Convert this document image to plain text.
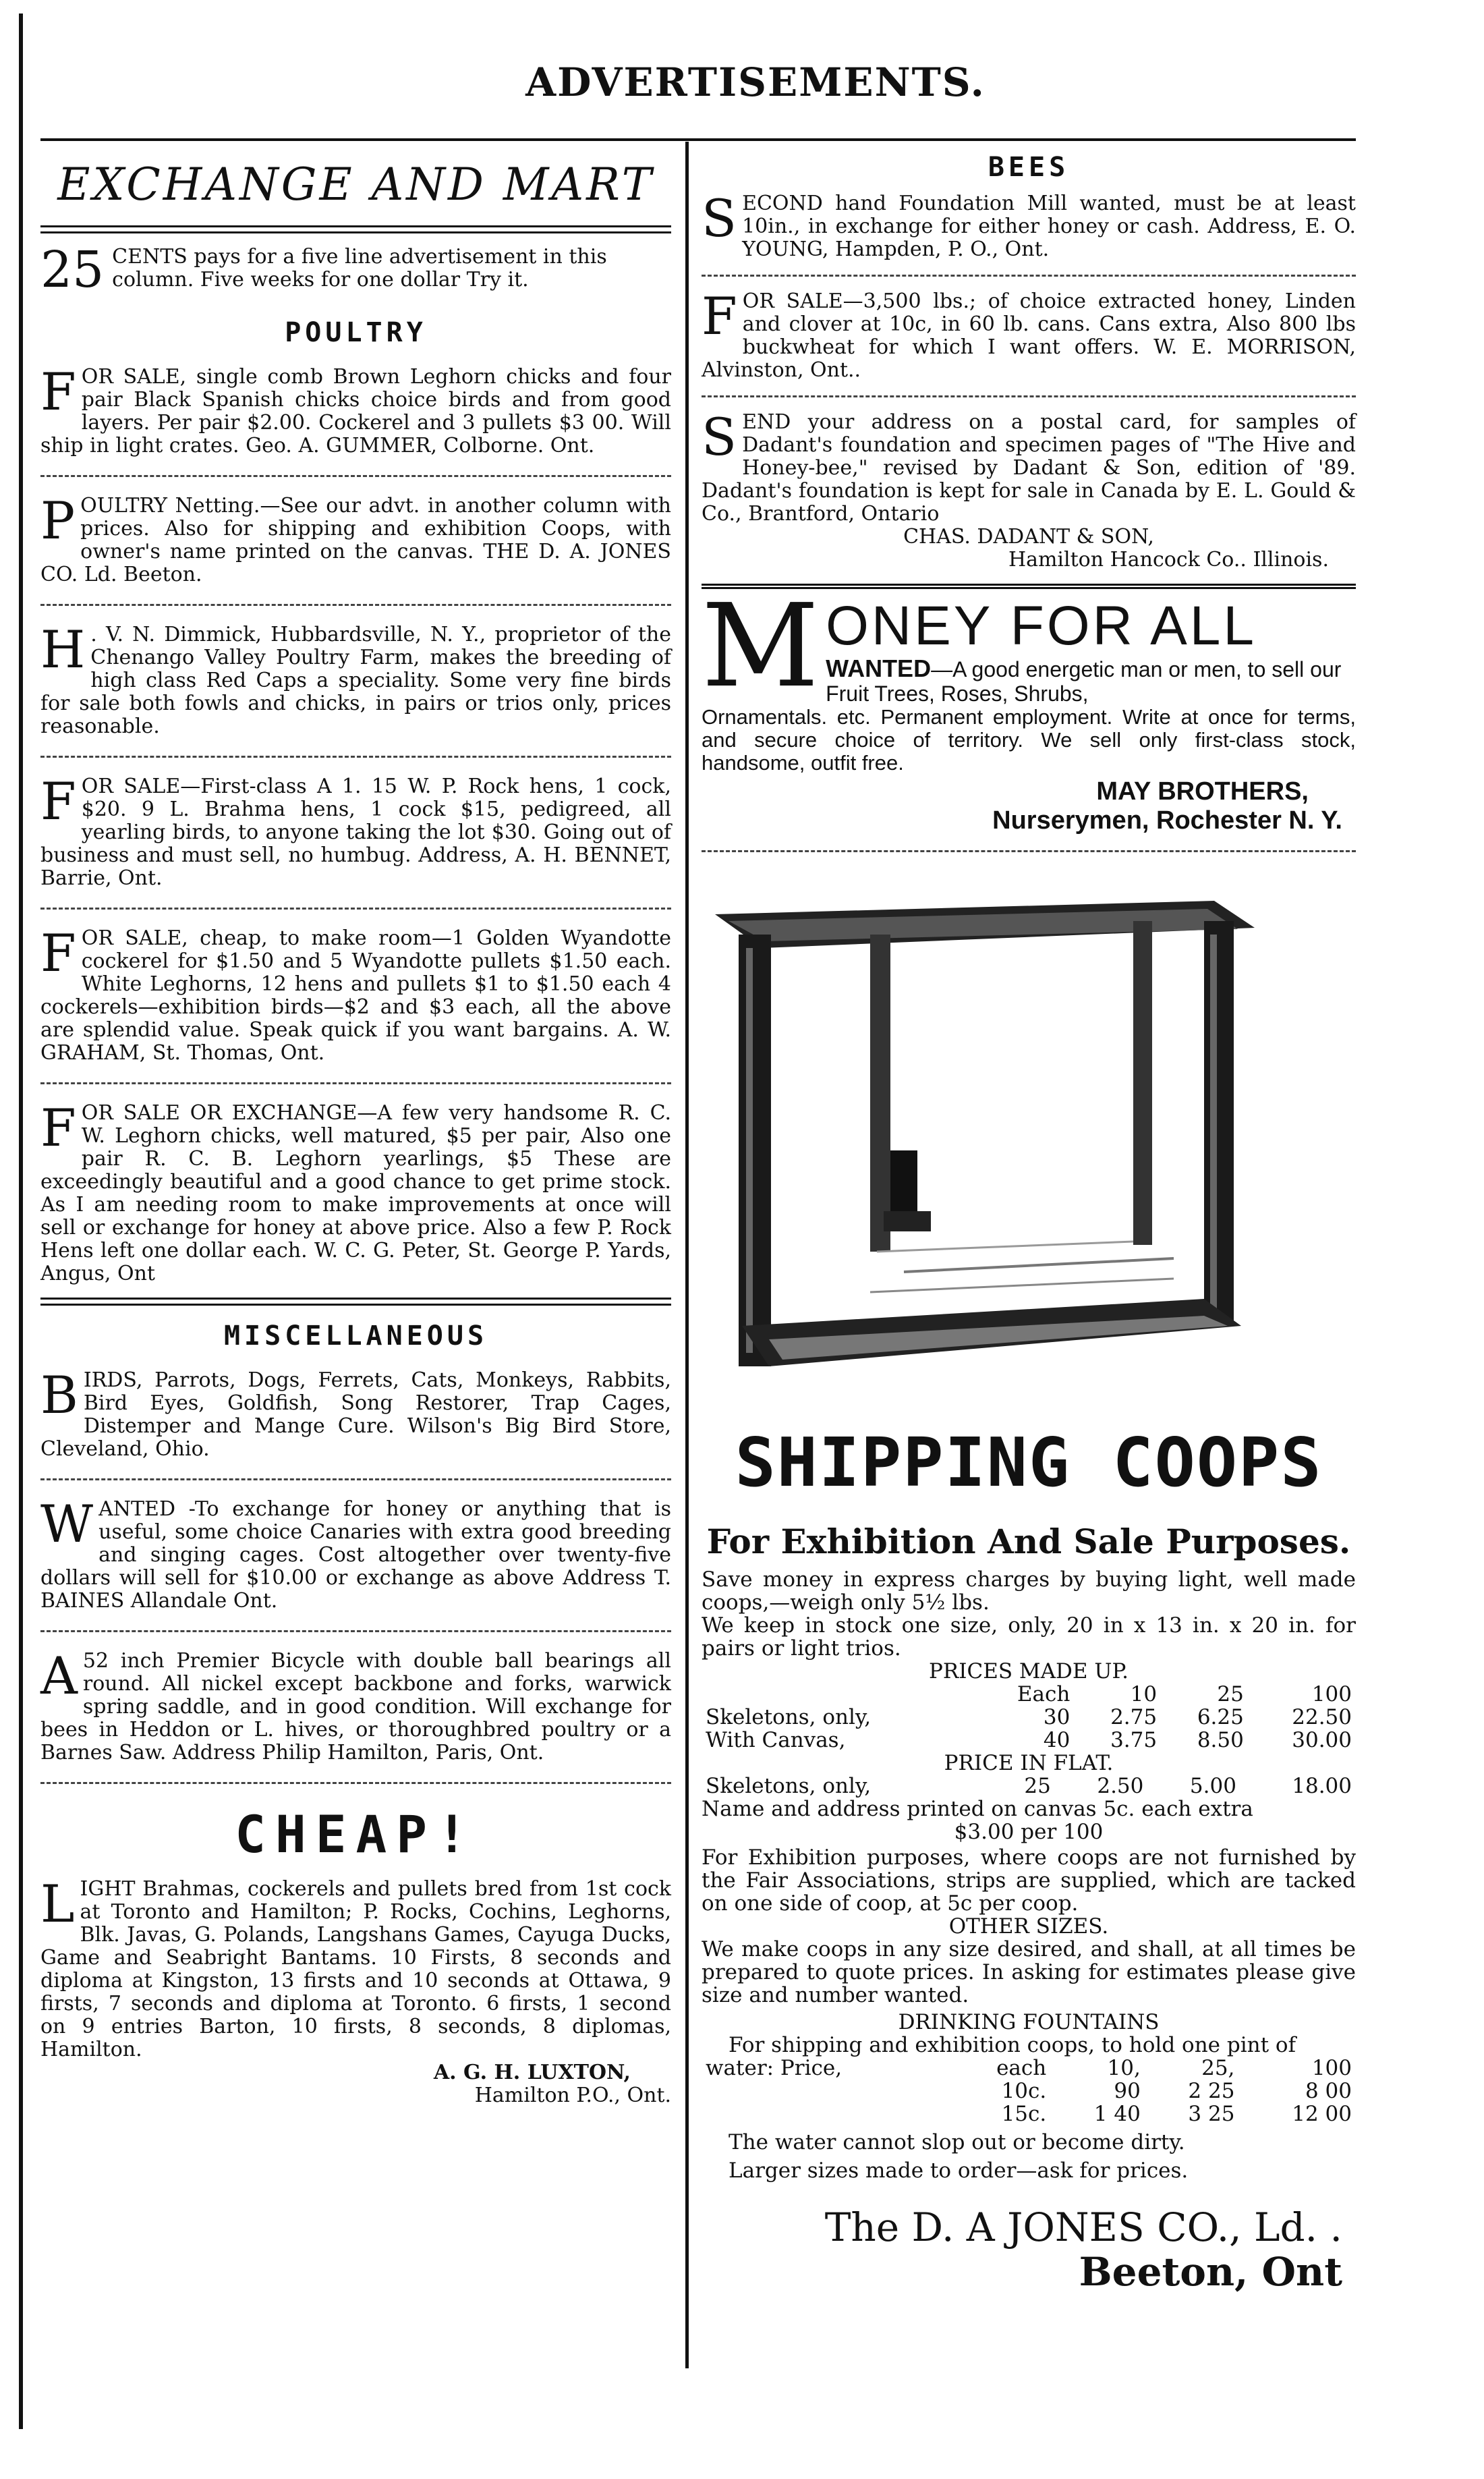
ADVERTISEMENTS.
EXCHANGE AND MART
25 CENTS pays for a five line advertisement in this column. Five weeks for one dollar Try it.
POULTRY
FOR SALE, single comb Brown Leghorn chicks and four pair Black Spanish chicks choice birds and from good layers. Per pair $2.00. Cockerel and 3 pullets $3 00. Will ship in light crates. Geo. A. GUMMER, Colborne. Ont.
POULTRY Netting.—See our advt. in another column with prices. Also for shipping and exhibition Coops, with owner's name printed on the canvas. THE D. A. JONES CO. Ld. Beeton.
H . V. N. Dimmick, Hubbardsville, N. Y., proprietor of the Chenango Valley Poultry Farm, makes the breeding of high class Red Caps a speciality. Some very fine birds for sale both fowls and chicks, in pairs or trios only, prices reasonable.
FOR SALE—First-class A 1. 15 W. P. Rock hens, 1 cock, $20. 9 L. Brahma hens, 1 cock $15, pedigreed, all yearling birds, to anyone taking the lot $30. Going out of business and must sell, no humbug. Address, A. H. BENNET, Barrie, Ont.
FOR SALE, cheap, to make room—1 Golden Wyandotte cockerel for $1.50 and 5 Wyandotte pullets $1.50 each. White Leghorns, 12 hens and pullets $1 to $1.50 each 4 cockerels—exhibition birds—$2 and $3 each, all the above are splendid value. Speak quick if you want bargains. A. W. GRAHAM, St. Thomas, Ont.
FOR SALE OR EXCHANGE—A few very handsome R. C. W. Leghorn chicks, well matured, $5 per pair, Also one pair R. C. B. Leghorn yearlings, $5 These are exceedingly beautiful and a good chance to get prime stock. As I am needing room to make improvements at once will sell or exchange for honey at above price. Also a few P. Rock Hens left one dollar each. W. C. G. Peter, St. George P. Yards, Angus, Ont
MISCELLANEOUS
BIRDS, Parrots, Dogs, Ferrets, Cats, Monkeys, Rabbits, Bird Eyes, Goldfish, Song Restorer, Trap Cages, Distemper and Mange Cure. Wilson's Big Bird Store, Cleveland, Ohio.
WANTED -To exchange for honey or anything that is useful, some choice Canaries with extra good breeding and singing cages. Cost altogether over twenty-five dollars will sell for $10.00 or exchange as above Address T. BAINES Allandale Ont.
A 52 inch Premier Bicycle with double ball bearings all round. All nickel except backbone and forks, warwick spring saddle, and in good condition. Will exchange for bees in Heddon or L. hives, or thoroughbred poultry or a Barnes Saw. Address Philip Hamilton, Paris, Ont.
CHEAP!
LIGHT Brahmas, cockerels and pullets bred from 1st cock at Toronto and Hamilton; P. Rocks, Cochins, Leghorns, Blk. Javas, G. Polands, Langshans Games, Cayuga Ducks, Game and Seabright Bantams. 10 Firsts, 8 seconds and diploma at Kingston, 13 firsts and 10 seconds at Ottawa, 9 firsts, 7 seconds and diploma at Toronto. 6 firsts, 1 second on 9 entries Barton, 10 firsts, 8 seconds, 8 diplomas, Hamilton.
A. G. H. LUXTON,
Hamilton P.O., Ont.
BEES
SECOND hand Foundation Mill wanted, must be at least 10in., in exchange for either honey or cash. Address, E. O. YOUNG, Hampden, P. O., Ont.
FOR SALE—3,500 lbs.; of choice extracted honey, Linden and clover at 10c, in 60 lb. cans. Cans extra, Also 800 lbs buckwheat for which I want offers. W. E. MORRISON, Alvinston, Ont..
SEND your address on a postal card, for samples of Dadant's foundation and specimen pages of "The Hive and Honey-bee," revised by Dadant & Son, edition of '89. Dadant's foundation is kept for sale in Canada by E. L. Gould & Co., Brantford, Ontario
CHAS. DADANT & SON,
Hamilton Hancock Co.. Illinois.
M ONEY FOR ALL
WANTED—A good energetic man or men, to sell our Fruit Trees, Roses, Shrubs,
Ornamentals. etc. Permanent employment. Write at once for terms, and secure choice of territory. We sell only first-class stock, handsome, outfit free.
MAY BROTHERS,
Nurserymen, Rochester N. Y.
SHIPPING COOPS
For Exhibition And Sale Purposes.
Save money in express charges by buying light, well made coops,—weigh only 5½ lbs.
We keep in stock one size, only, 20 in x 13 in. x 20 in. for pairs or light trios.
PRICES MADE UP.
	Each	10	25	100
Skeletons, only,	30	2.75	6.25	22.50
With Canvas,	40	3.75	8.50	30.00
PRICE IN FLAT.
Skeletons, only,	25	2.50	5.00	18.00
Name and address printed on canvas 5c. each extra
$3.00 per 100
For Exhibition purposes, where coops are not furnished by the Fair Associations, strips are supplied, which are tacked on one side of coop, at 5c per coop.
OTHER SIZES.
We make coops in any size desired, and shall, at all times be prepared to quote prices. In asking for estimates please give size and number wanted.
DRINKING FOUNTAINS
For shipping and exhibition coops, to hold one pint of
water: Price,	each	10,	25,	100
	10c.	90	2 25	8 00
	15c.	1 40	3 25	12 00
The water cannot slop out or become dirty.
Larger sizes made to order—ask for prices.
The D. A JONES CO., Ld. .
Beeton, Ont
